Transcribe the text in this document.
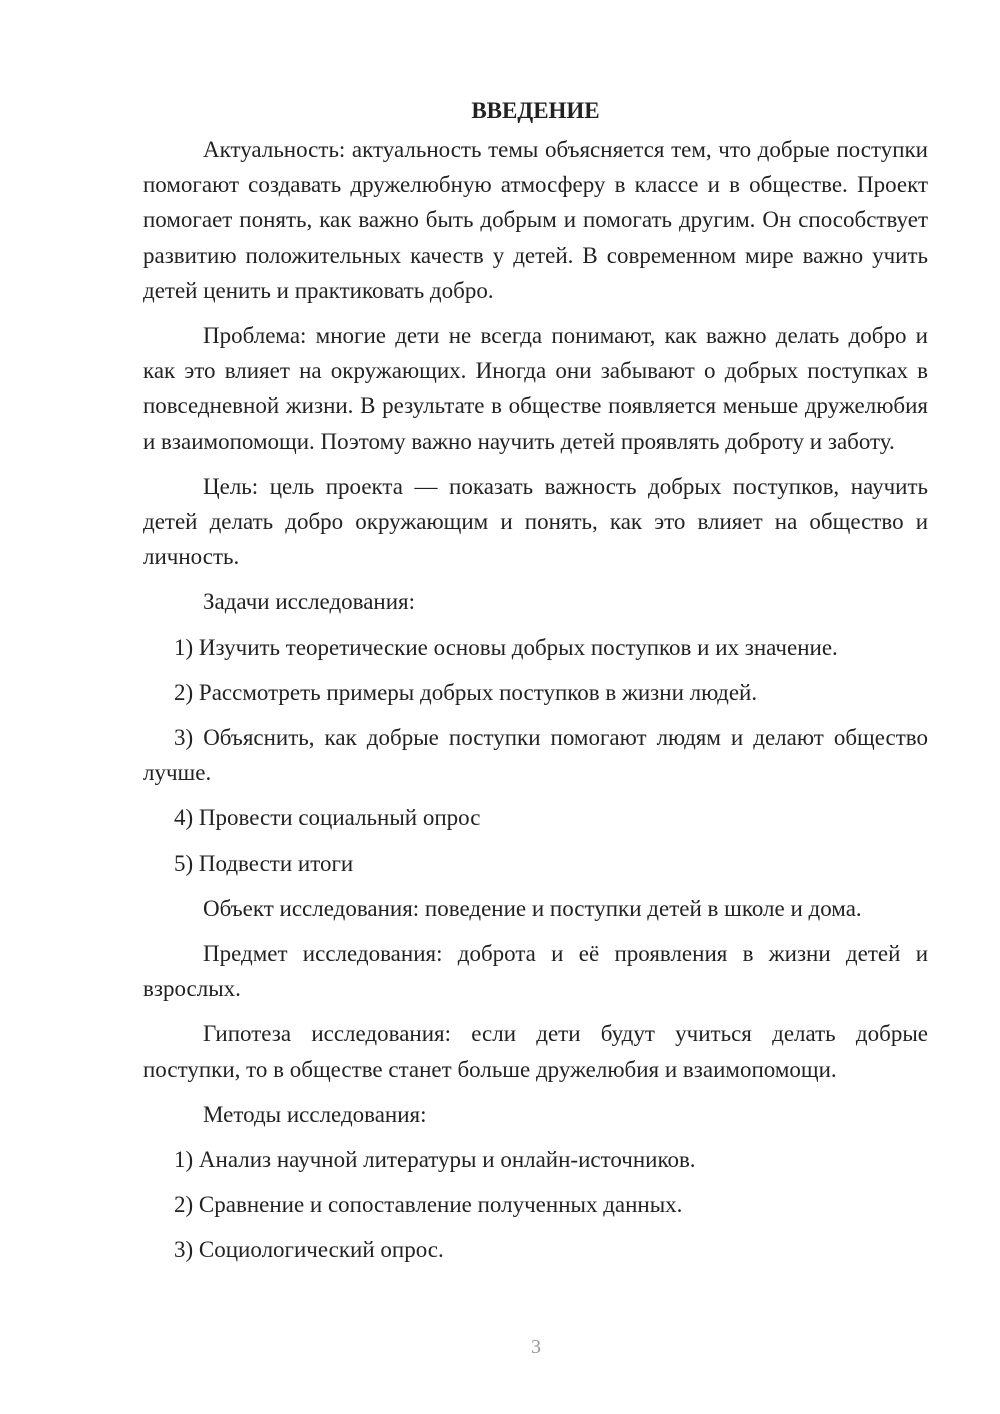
ВВЕДЕНИЕ

Актуальность: актуальность темы объясняется тем, что добрые поступки помогают создавать дружелюбную атмосферу в классе и в обществе. Проект помогает понять, как важно быть добрым и помогать другим. Он способствует развитию положительных качеств у детей. В современном мире важно учить детей ценить и практиковать добро.

Проблема: многие дети не всегда понимают, как важно делать добро и как это влияет на окружающих. Иногда они забывают о добрых поступках в повседневной жизни. В результате в обществе появляется меньше дружелюбия и взаимопомощи. Поэтому важно научить детей проявлять доброту и заботу.

Цель: цель проекта — показать важность добрых поступков, научить детей делать добро окружающим и понять, как это влияет на общество и личность.

Задачи исследования:

1) Изучить теоретические основы добрых поступков и их значение.

2) Рассмотреть примеры добрых поступков в жизни людей.

3) Объяснить, как добрые поступки помогают людям и делают общество лучше.

4) Провести социальный опрос

5) Подвести итоги

Объект исследования: поведение и поступки детей в школе и дома.

Предмет исследования: доброта и её проявления в жизни детей и взрослых.

Гипотеза исследования: если дети будут учиться делать добрые поступки, то в обществе станет больше дружелюбия и взаимопомощи.

Методы исследования:

1) Анализ научной литературы и онлайн-источников.

2) Сравнение и сопоставление полученных данных.

3) Социологический опрос.

3
